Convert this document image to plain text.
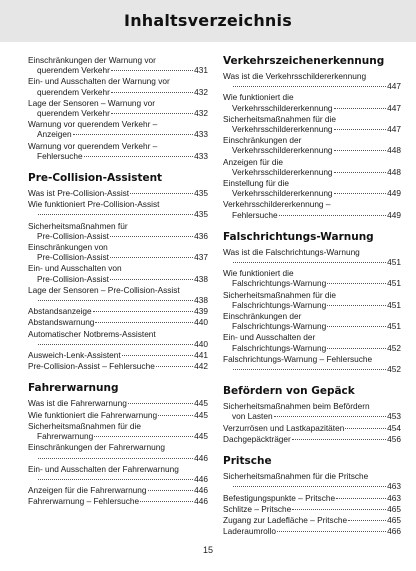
Inhaltsverzeichnis
Einschränkungen der Warnung vor
querendem Verkehr	431
Ein- und Ausschalten der Warnung vor
querendem Verkehr	432
Lage der Sensoren – Warnung vor
querendem Verkehr	432
Warnung vor querendem Verkehr –
Anzeigen	433
Warnung vor querendem Verkehr –
Fehlersuche	433
Pre-Collision-Assistent
Was ist Pre-Collision-Assist	435
Wie funktioniert Pre-Collision-Assist
435
Sicherheitsmaßnahmen für
Pre-Collision-Assist	436
Einschränkungen von
Pre-Collision-Assist	437
Ein- und Ausschalten von
Pre-Collision-Assist	438
Lage der Sensoren – Pre-Collision-Assist
438
Abstandsanzeige	439
Abstandswarnung	440
Automatischer Notbrems-Assistent
440
Ausweich-Lenk-Assistent	441
Pre-Collision-Assist – Fehlersuche	442
Fahrerwarnung
Was ist die Fahrerwarnung	445
Wie funktioniert die Fahrerwarnung	445
Sicherheitsmaßnahmen für die
Fahrerwarnung	445
Einschränkungen der Fahrerwarnung
446
Ein- und Ausschalten der Fahrerwarnung
446
Anzeigen für die Fahrerwarnung	446
Fahrerwarnung – Fehlersuche	446
Verkehrszeichenerkennung
Was ist die Verkehrsschildererkennung
447
Wie funktioniert die
Verkehrsschildererkennung	447
Sicherheitsmaßnahmen für die
Verkehrsschildererkennung	447
Einschränkungen der
Verkehrsschildererkennung	448
Anzeigen für die
Verkehrsschildererkennung	448
Einstellung für die
Verkehrsschildererkennung	449
Verkehrsschildererkennung –
Fehlersuche	449
Falschrichtungs-Warnung
Was ist die Falschrichtungs-Warnung
451
Wie funktioniert die
Falschrichtungs-Warnung	451
Sicherheitsmaßnahmen für die
Falschrichtungs-Warnung	451
Einschränkungen der
Falschrichtungs-Warnung	451
Ein- und Ausschalten der
Falschrichtungs-Warnung	452
Falschrichtungs-Warnung – Fehlersuche
452
Befördern von Gepäck
Sicherheitsmaßnahmen beim Befördern
von Lasten	453
Verzurrösen und Lastkapazitäten	454
Dachgepäckträger	456
Pritsche
Sicherheitsmaßnahmen für die Pritsche
463
Befestigungspunkte – Pritsche	463
Schlitze – Pritsche	465
Zugang zur Ladefläche – Pritsche	465
Laderaumrollo	466
15
